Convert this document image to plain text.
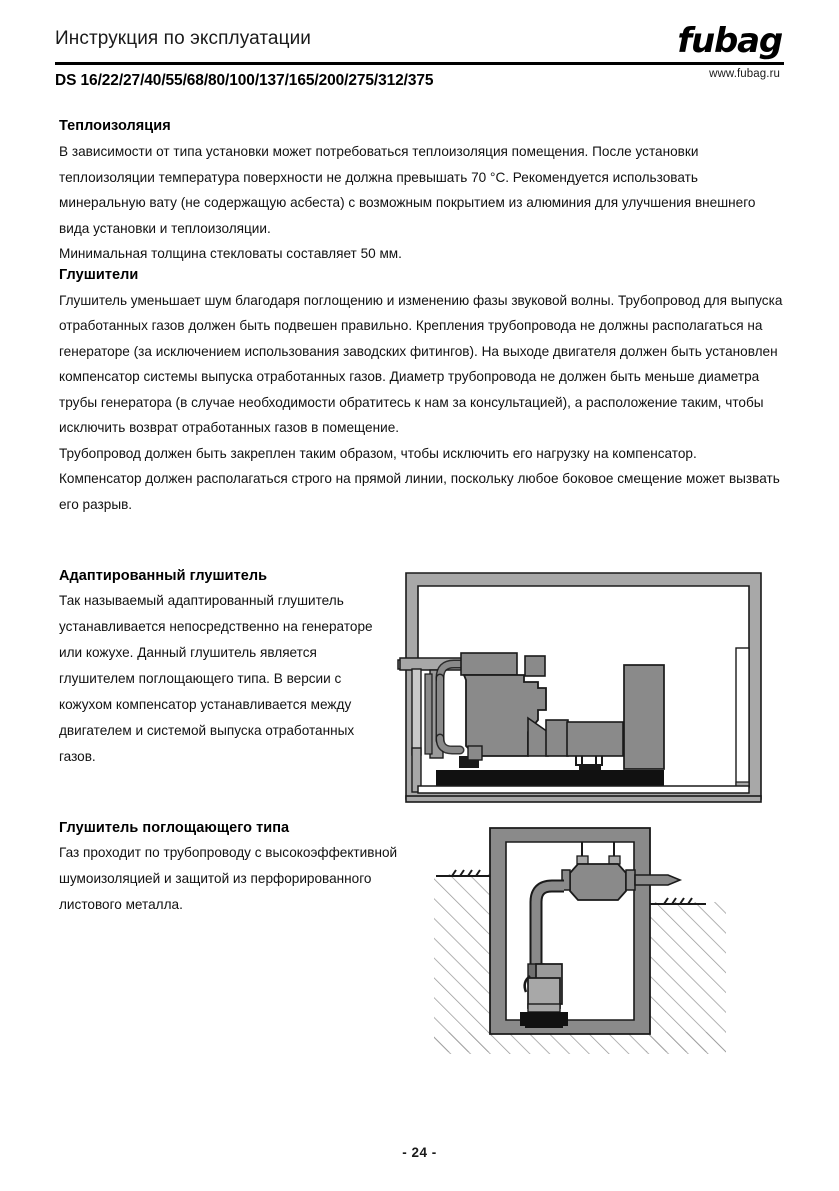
Инструкция по эксплуатации
DS 16/22/27/40/55/68/80/100/137/165/200/275/312/375
fubag
www.fubag.ru
Теплоизоляция

В зависимости от типа установки может потребоваться теплоизоляция помещения. После установки теплоизоляции температура поверхности не должна превышать 70 °C. Рекомендуется использовать минеральную вату (не содержащую асбеста) с возможным покрытием из алюминия для улучшения внешнего вида установки и теплоизоляции.

Минимальная толщина стекловаты составляет 50 мм.

Глушители

Глушитель уменьшает шум благодаря поглощению и изменению фазы звуковой волны. Трубопровод для выпуска отработанных газов должен быть подвешен правильно. Крепления трубопровода не должны располагаться на генераторе (за исключением использования заводских фитингов). На выходе двигателя должен быть установлен компенсатор системы выпуска отработанных газов. Диаметр трубопровода не должен быть меньше диаметра трубы генератора (в случае необходимости обратитесь к нам за консультацией), а расположение таким, чтобы исключить возврат отработанных газов в помещение.

Трубопровод должен быть закреплен таким образом, чтобы исключить его нагрузку на компенсатор. Компенсатор должен располагаться строго на прямой линии, поскольку любое боковое смещение может вызвать его разрыв.

Адаптированный глушитель

Так называемый адаптированный глушитель устанавливается непосредственно на генераторе или кожухе. Данный глушитель является глушителем поглощающего типа. В версии с кожухом компенсатор устанавливается между двигателем и системой выпуска отработанных газов.

Глушитель поглощающего типа

Газ проходит по трубопроводу с высокоэффективной шумоизоляцией и защитой из перфорированного листового металла.

- 24 -
